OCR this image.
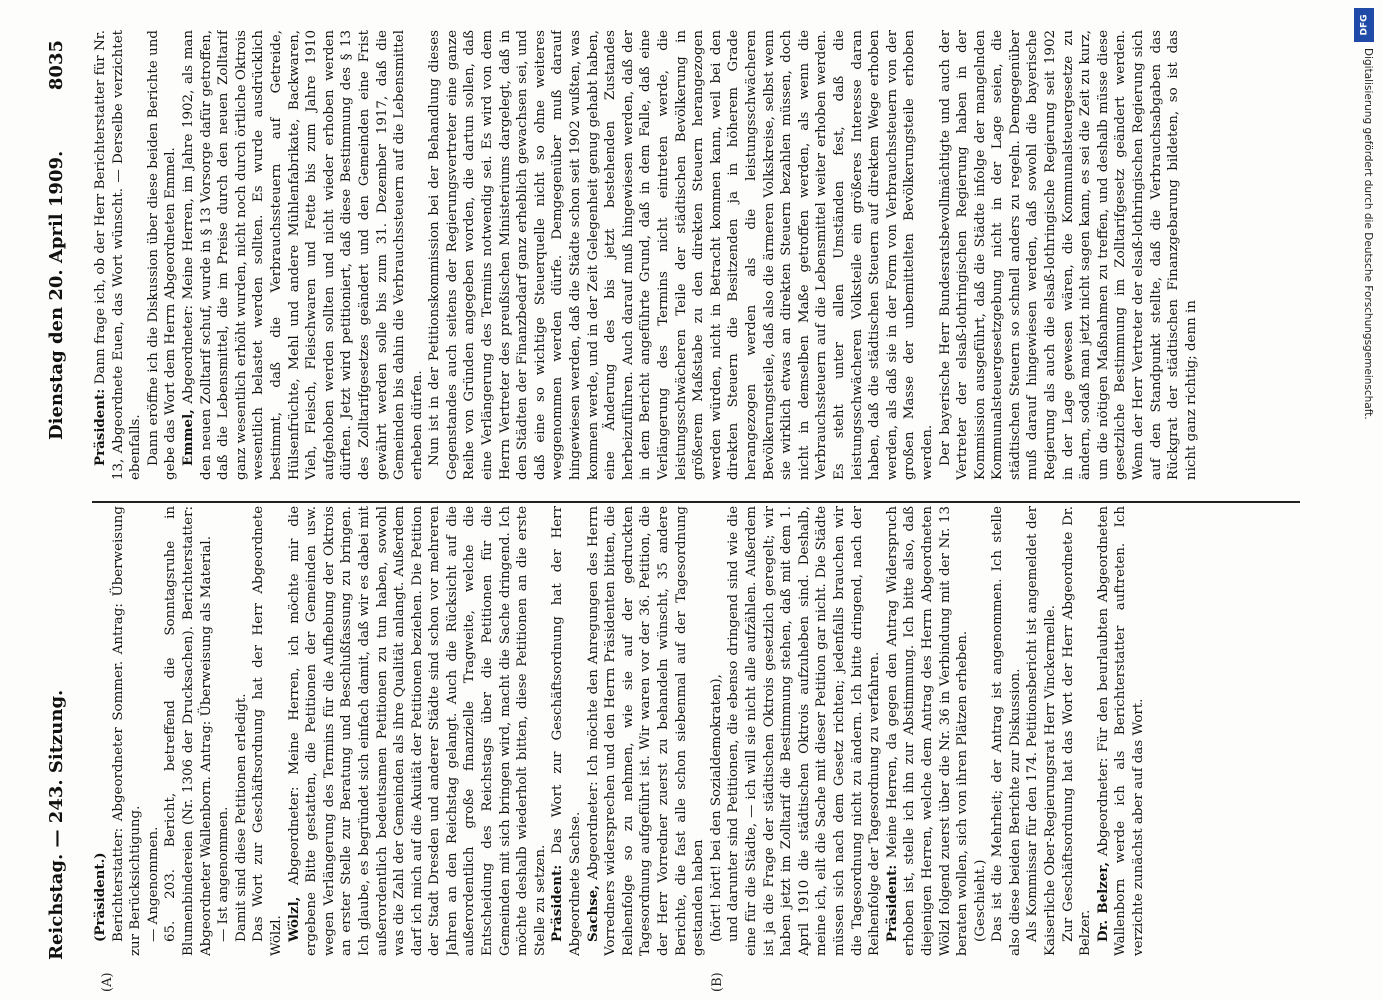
Reichstag. — 243. Sitzung.
Dienstag den 20. April 1909.
8035

(Präsident.) Berichterstatter: Abgeordneter Sommer. Antrag: Überweisung zur Berücksichtigung. — Angenommen. 65. 203. Bericht, betreffend die Sonntagsruhe in Blumenbindereien (Nr. 1306 der Drucksachen). Berichterstatter: Abgeordneter Wallenborn. Antrag: Überweisung als Material. — Ist angenommen. Damit sind diese Petitionen erledigt. Das Wort zur Geschäftsordnung hat der Herr Abgeordnete Wölzl. Wölzl, Abgeordneter: Meine Herren, ich möchte mir die ergebene Bitte gestatten, die Petitionen der Gemeinden usw. wegen Verlängerung des Termins für die Aufhebung der Oktrois an erster Stelle zur Beratung und Beschlußfassung zu bringen. Ich glaube, es begründet sich einfach damit, daß wir es dabei mit außerordentlich bedeutsamen Petitionen zu tun haben, sowohl was die Zahl der Gemeinden als ihre Qualität anlangt. Außerdem darf ich mich auf die Akuität der Petitionen beziehen. Die Petition der Stadt Dresden und anderer Städte sind schon vor mehreren Jahren an den Reichstag gelangt. Auch die Rücksicht auf die außerordentlich große finanzielle Tragweite, welche die Entscheidung des Reichstags über die Petitionen für die Gemeinden mit sich bringen wird, macht die Sache dringend. Ich möchte deshalb wiederholt bitten, diese Petitionen an die erste Stelle zu setzen. Präsident: Das Wort zur Geschäftsordnung hat der Herr Abgeordnete Sachse. Sachse, Abgeordneter: Ich möchte den Anregungen des Herrn Vorredners widersprechen und den Herrn Präsidenten bitten, die Reihenfolge so zu nehmen, wie sie auf der gedruckten Tagesordnung aufgeführt ist. Wir waren vor der 36. Petition, die der Herr Vorredner zuerst zu behandeln wünscht, 35 andere Berichte, die fast alle schon siebenmal auf der Tagesordnung gestanden haben (hört! hört! bei den Sozialdemokraten), und darunter sind Petitionen, die ebenso dringend sind wie die eine für die Städte, — ich will sie nicht alle aufzählen. Außerdem ist ja die Frage der städtischen Oktrois gesetzlich geregelt; wir haben jetzt im Zolltarif die Bestimmung stehen, daß mit dem 1. April 1910 die städtischen Oktrois aufzuheben sind. Deshalb, meine ich, eilt die Sache mit dieser Petition gar nicht. Die Städte müssen sich nach dem Gesetz richten; jedenfalls brauchen wir die Tagesordnung nicht zu ändern. Ich bitte dringend, nach der Reihenfolge der Tagesordnung zu verfahren. Präsident: Meine Herren, da gegen den Antrag Widerspruch erhoben ist, stelle ich ihn zur Abstimmung. Ich bitte also, daß diejenigen Herren, welche dem Antrag des Herrn Abgeordneten Wölzl folgend zuerst über die Nr. 36 in Verbindung mit der Nr. 13 beraten wollen, sich von ihren Plätzen erheben. (Geschieht.) Das ist die Mehrheit; der Antrag ist angenommen. Ich stelle also diese beiden Berichte zur Diskussion. Als Kommissar für den 174. Petitionsbericht ist angemeldet der Kaiserliche Ober-Regierungsrat Herr Vinckermelle. Zur Geschäftsordnung hat das Wort der Herr Abgeordnete Dr. Belzer. Dr. Belzer, Abgeordneter: Für den beurlaubten Abgeordneten Wallenborn werde ich als Berichterstatter auftreten. Ich verzichte zunächst aber auf das Wort.

Präsident: Dann frage ich, ob der Herr Berichterstatter für Nr. 13, Abgeordnete Euen, das Wort wünscht. — Derselbe verzichtet ebenfalls. Dann eröffne ich die Diskussion über diese beiden Berichte und gebe das Wort dem Herrn Abgeordneten Emmel. Emmel, Abgeordneter: Meine Herren, im Jahre 1902, als man den neuen Zolltarif schuf, wurde in § 13 Vorsorge dafür getroffen, daß die Lebensmittel, die im Preise durch den neuen Zolltarif ganz wesentlich erhöht wurden, nicht noch durch örtliche Oktrois wesentlich belastet werden sollten. Es wurde ausdrücklich bestimmt, daß die Verbrauchssteuern auf Getreide, Hülsenfrüchte, Mehl und andere Mühlenfabrikate, Backwaren, Vieh, Fleisch, Fleischwaren und Fette bis zum Jahre 1910 aufgehoben werden sollten und nicht wieder erhoben werden dürften. Jetzt wird petitioniert, daß diese Bestimmung des § 13 des Zolltarifgesetzes geändert und den Gemeinden eine Frist gewährt werden solle bis zum 31. Dezember 1917, daß die Gemeinden bis dahin die Verbrauchssteuern auf die Lebensmittel erheben dürfen. Nun ist in der Petitionskommission bei der Behandlung dieses Gegenstandes auch seitens der Regierungsvertreter eine ganze Reihe von Gründen angegeben worden, die dartun sollen, daß eine Verlängerung des Termins notwendig sei. Es wird von dem Herrn Vertreter des preußischen Ministeriums dargelegt, daß in den Städten der Finanzbedarf ganz erheblich gewachsen sei, und daß eine so wichtige Steuerquelle nicht so ohne weiteres weggenommen werden dürfe. Demgegenüber muß darauf hingewiesen werden, daß die Städte schon seit 1902 wußten, was kommen werde, und in der Zeit Gelegenheit genug gehabt haben, eine Änderung des bis jetzt bestehenden Zustandes herbeizuführen. Auch darauf muß hingewiesen werden, daß der in dem Bericht angeführte Grund, daß in dem Falle, daß eine Verlängerung des Termins nicht eintreten werde, die leistungsschwächeren Teile der städtischen Bevölkerung in größerem Maßstabe zu den direkten Steuern herangezogen werden würden, nicht in Betracht kommen kann, weil bei den direkten Steuern die Besitzenden ja in höherem Grade herangezogen werden als die leistungsschwächeren Bevölkerungsteile, daß also die ärmeren Volkskreise, selbst wenn sie wirklich etwas an direkten Steuern bezahlen müssen, doch nicht in demselben Maße getroffen werden, als wenn die Verbrauchssteuern auf die Lebensmittel weiter erhoben werden. Es steht unter allen Umständen fest, daß die leistungsschwächeren Volksteile ein größeres Interesse daran haben, daß die städtischen Steuern auf direktem Wege erhoben werden, als daß sie in der Form von Verbrauchssteuern von der großen Masse der unbemittelten Bevölkerungsteile erhoben werden. Der bayerische Herr Bundesratsbevollmächtigte und auch der Vertreter der elsaß-lothringischen Regierung haben in der Kommission ausgeführt, daß die Städte infolge der mangelnden Kommunalsteuergesetzgebung nicht in der Lage seien, die städtischen Steuern so schnell anders zu regeln. Demgegenüber muß darauf hingewiesen werden, daß sowohl die bayerische Regierung als auch die elsaß-lothringische Regierung seit 1902 in der Lage gewesen wären, die Kommunalsteuergesetze zu ändern, sodaß man jetzt nicht sagen kann, es sei die Zeit zu kurz, um die nötigen Maßnahmen zu treffen, und deshalb müsse diese gesetzliche Bestimmung im Zolltarifgesetz geändert werden. Wenn der Herr Vertreter der elsaß-lothringischen Regierung sich auf den Standpunkt stellte, daß die Verbrauchsabgaben das Rückgrat der städtischen Finanzgebarung bildeten, so ist das nicht ganz richtig; denn in

(A)	(B)
DFG
Digitalisierung gefördert durch die Deutsche Forschungsgemeinschaft.
